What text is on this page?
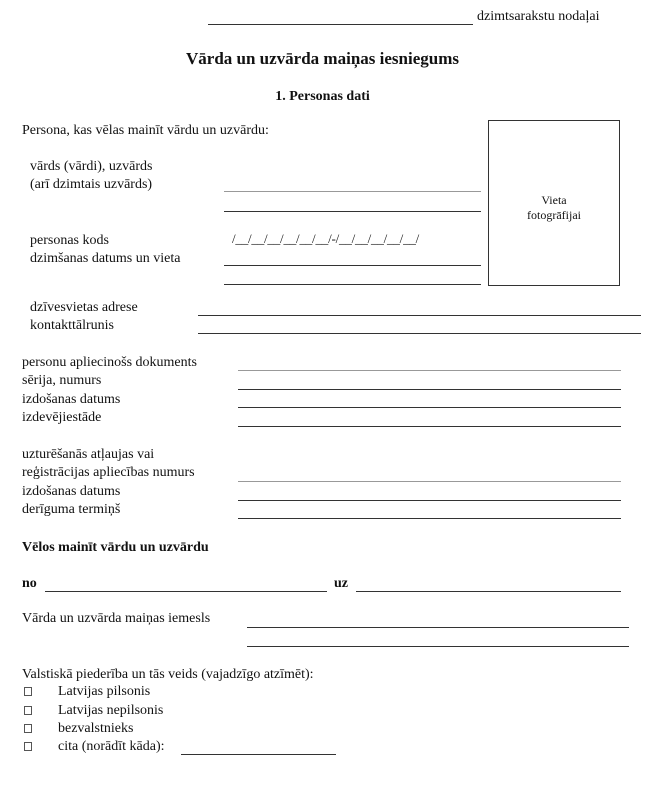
dzimtsarakstu nodaļai
Vārda un uzvārda maiņas iesniegums
1. Personas dati
Persona, kas vēlas mainīt vārdu un uzvārdu:
vārds (vārdi), uzvārds
(arī dzimtais uzvārds)
personas kods	/__/__/__/__/__/__/-/__/__/__/__/__/
dzimšanas datums un vieta
Vieta
fotogrāfijai
dzīvesvietas adrese
kontakttālrunis
personu apliecinošs dokuments
sērija, numurs
izdošanas datums
izdevējiestāde
uzturēšanās atļaujas vai
reģistrācijas apliecības numurs
izdošanas datums
derīguma termiņš
Vēlos mainīt vārdu un uzvārdu
no	uz
Vārda un uzvārda maiņas iemesls
Valstiskā piederība un tās veids (vajadzīgo atzīmēt):
Latvijas pilsonis
Latvijas nepilsonis
bezvalstnieks
cita (norādīt kāda):
